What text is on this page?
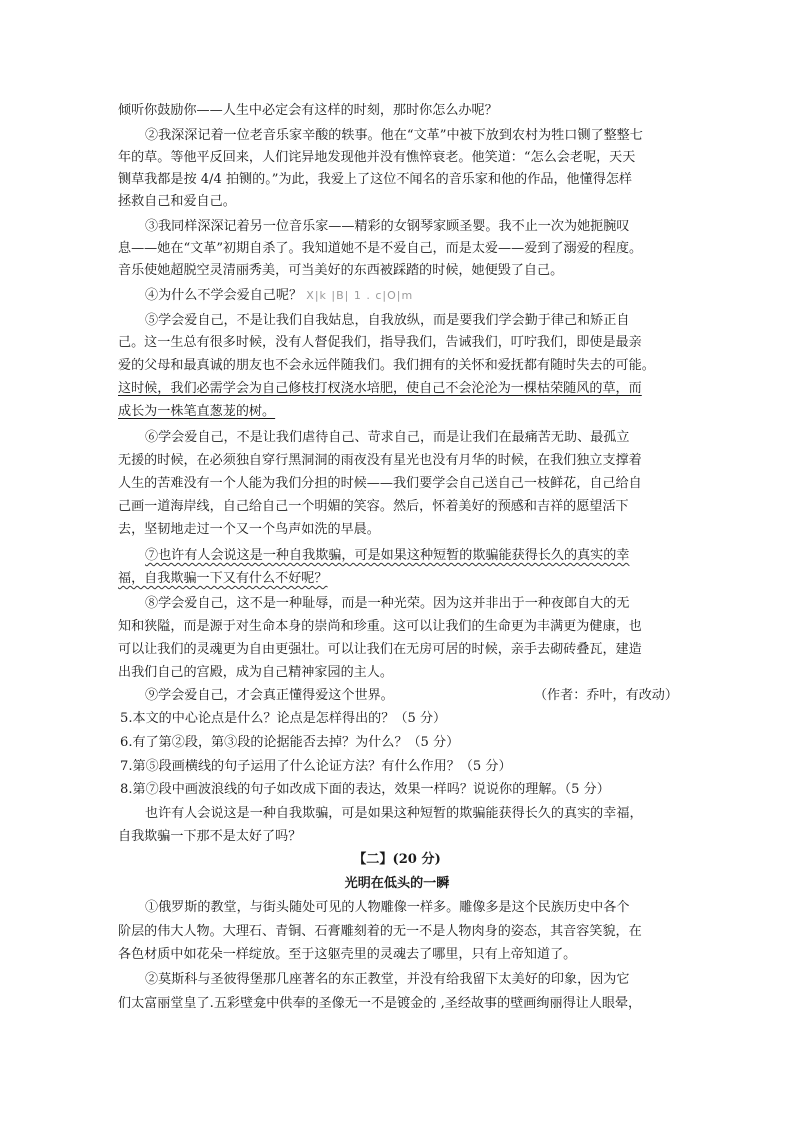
倾听你鼓励你——人生中必定会有这样的时刻，那时你怎么办呢？
②我深深记着一位老音乐家辛酸的轶事。他在“文革”中被下放到农村为牲口铡了整整七
年的草。等他平反回来，人们诧异地发现他并没有憔悴衰老。他笑道：“怎么会老呢，天天
铡草我都是按 4/4 拍铡的。”为此，我爱上了这位不闻名的音乐家和他的作品，他懂得怎样
拯救自己和爱自己。
③我同样深深记着另一位音乐家——精彩的女钢琴家顾圣婴。我不止一次为她扼腕叹
息——她在“文革”初期自杀了。我知道她不是不爱自己，而是太爱——爱到了溺爱的程度。
音乐使她超脱空灵清丽秀美，可当美好的东西被踩踏的时候，她便毁了自己。
④为什么不学会爱自己呢？ X|k |B| 1 . c|O|m
⑤学会爱自己，不是让我们自我姑息，自我放纵，而是要我们学会勤于律己和矫正自
己。这一生总有很多时候，没有人督促我们，指导我们，告诫我们，叮咛我们，即使是最亲
爱的父母和最真诚的朋友也不会永远伴随我们。我们拥有的关怀和爱抚都有随时失去的可能。
这时候，我们必需学会为自己修枝打杈浇水培肥，使自己不会沦沦为一棵枯荣随风的草，而
成长为一株笔直葱茏的树。
⑥学会爱自己，不是让我们虐待自己、苛求自己，而是让我们在最痛苦无助、最孤立
无援的时候，在必须独自穿行黑洞洞的雨夜没有星光也没有月华的时候，在我们独立支撑着
人生的苦难没有一个人能为我们分担的时候——我们要学会自己送自己一枝鲜花，自己给自
己画一道海岸线，自己给自己一个明媚的笑容。然后，怀着美好的预感和吉祥的愿望活下
去，坚韧地走过一个又一个鸟声如洗的早晨。
⑦也许有人会说这是一种自我欺骗，可是如果这种短暂的欺骗能获得长久的真实的幸
福，自我欺骗一下又有什么不好呢？
⑧学会爱自己，这不是一种耻辱，而是一种光荣。因为这并非出于一种夜郎自大的无
知和狭隘，而是源于对生命本身的崇尚和珍重。这可以让我们的生命更为丰满更为健康，也
可以让我们的灵魂更为自由更强壮。可以让我们在无房可居的时候，亲手去砌砖叠瓦，建造
出我们自己的宫殿，成为自己精神家园的主人。
⑨学会爱自己，才会真正懂得爱这个世界。	（作者：乔叶，有改动）
5.本文的中心论点是什么？论点是怎样得出的？（5 分）
6.有了第②段，第③段的论据能否去掉？为什么？（5 分）
7.第⑤段画横线的句子运用了什么论证方法？有什么作用？（5 分）
8.第⑦段中画波浪线的句子如改成下面的表达，效果一样吗？说说你的理解。（5 分）
也许有人会说这是一种自我欺骗，可是如果这种短暂的欺骗能获得长久的真实的幸福，
自我欺骗一下那不是太好了吗？
【二】(20 分)
光明在低头的一瞬
①俄罗斯的教堂，与街头随处可见的人物雕像一样多。雕像多是这个民族历史中各个
阶层的伟大人物。大理石、青铜、石膏雕刻着的无一不是人物肉身的姿态，其音容笑貌，在
各色材质中如花朵一样绽放。至于这躯壳里的灵魂去了哪里，只有上帝知道了。
②莫斯科与圣彼得堡那几座著名的东正教堂，并没有给我留下太美好的印象，因为它
们太富丽堂皇了.五彩壁龛中供奉的圣像无一不是镀金的 ,圣经故事的壁画绚丽得让人眼晕，
